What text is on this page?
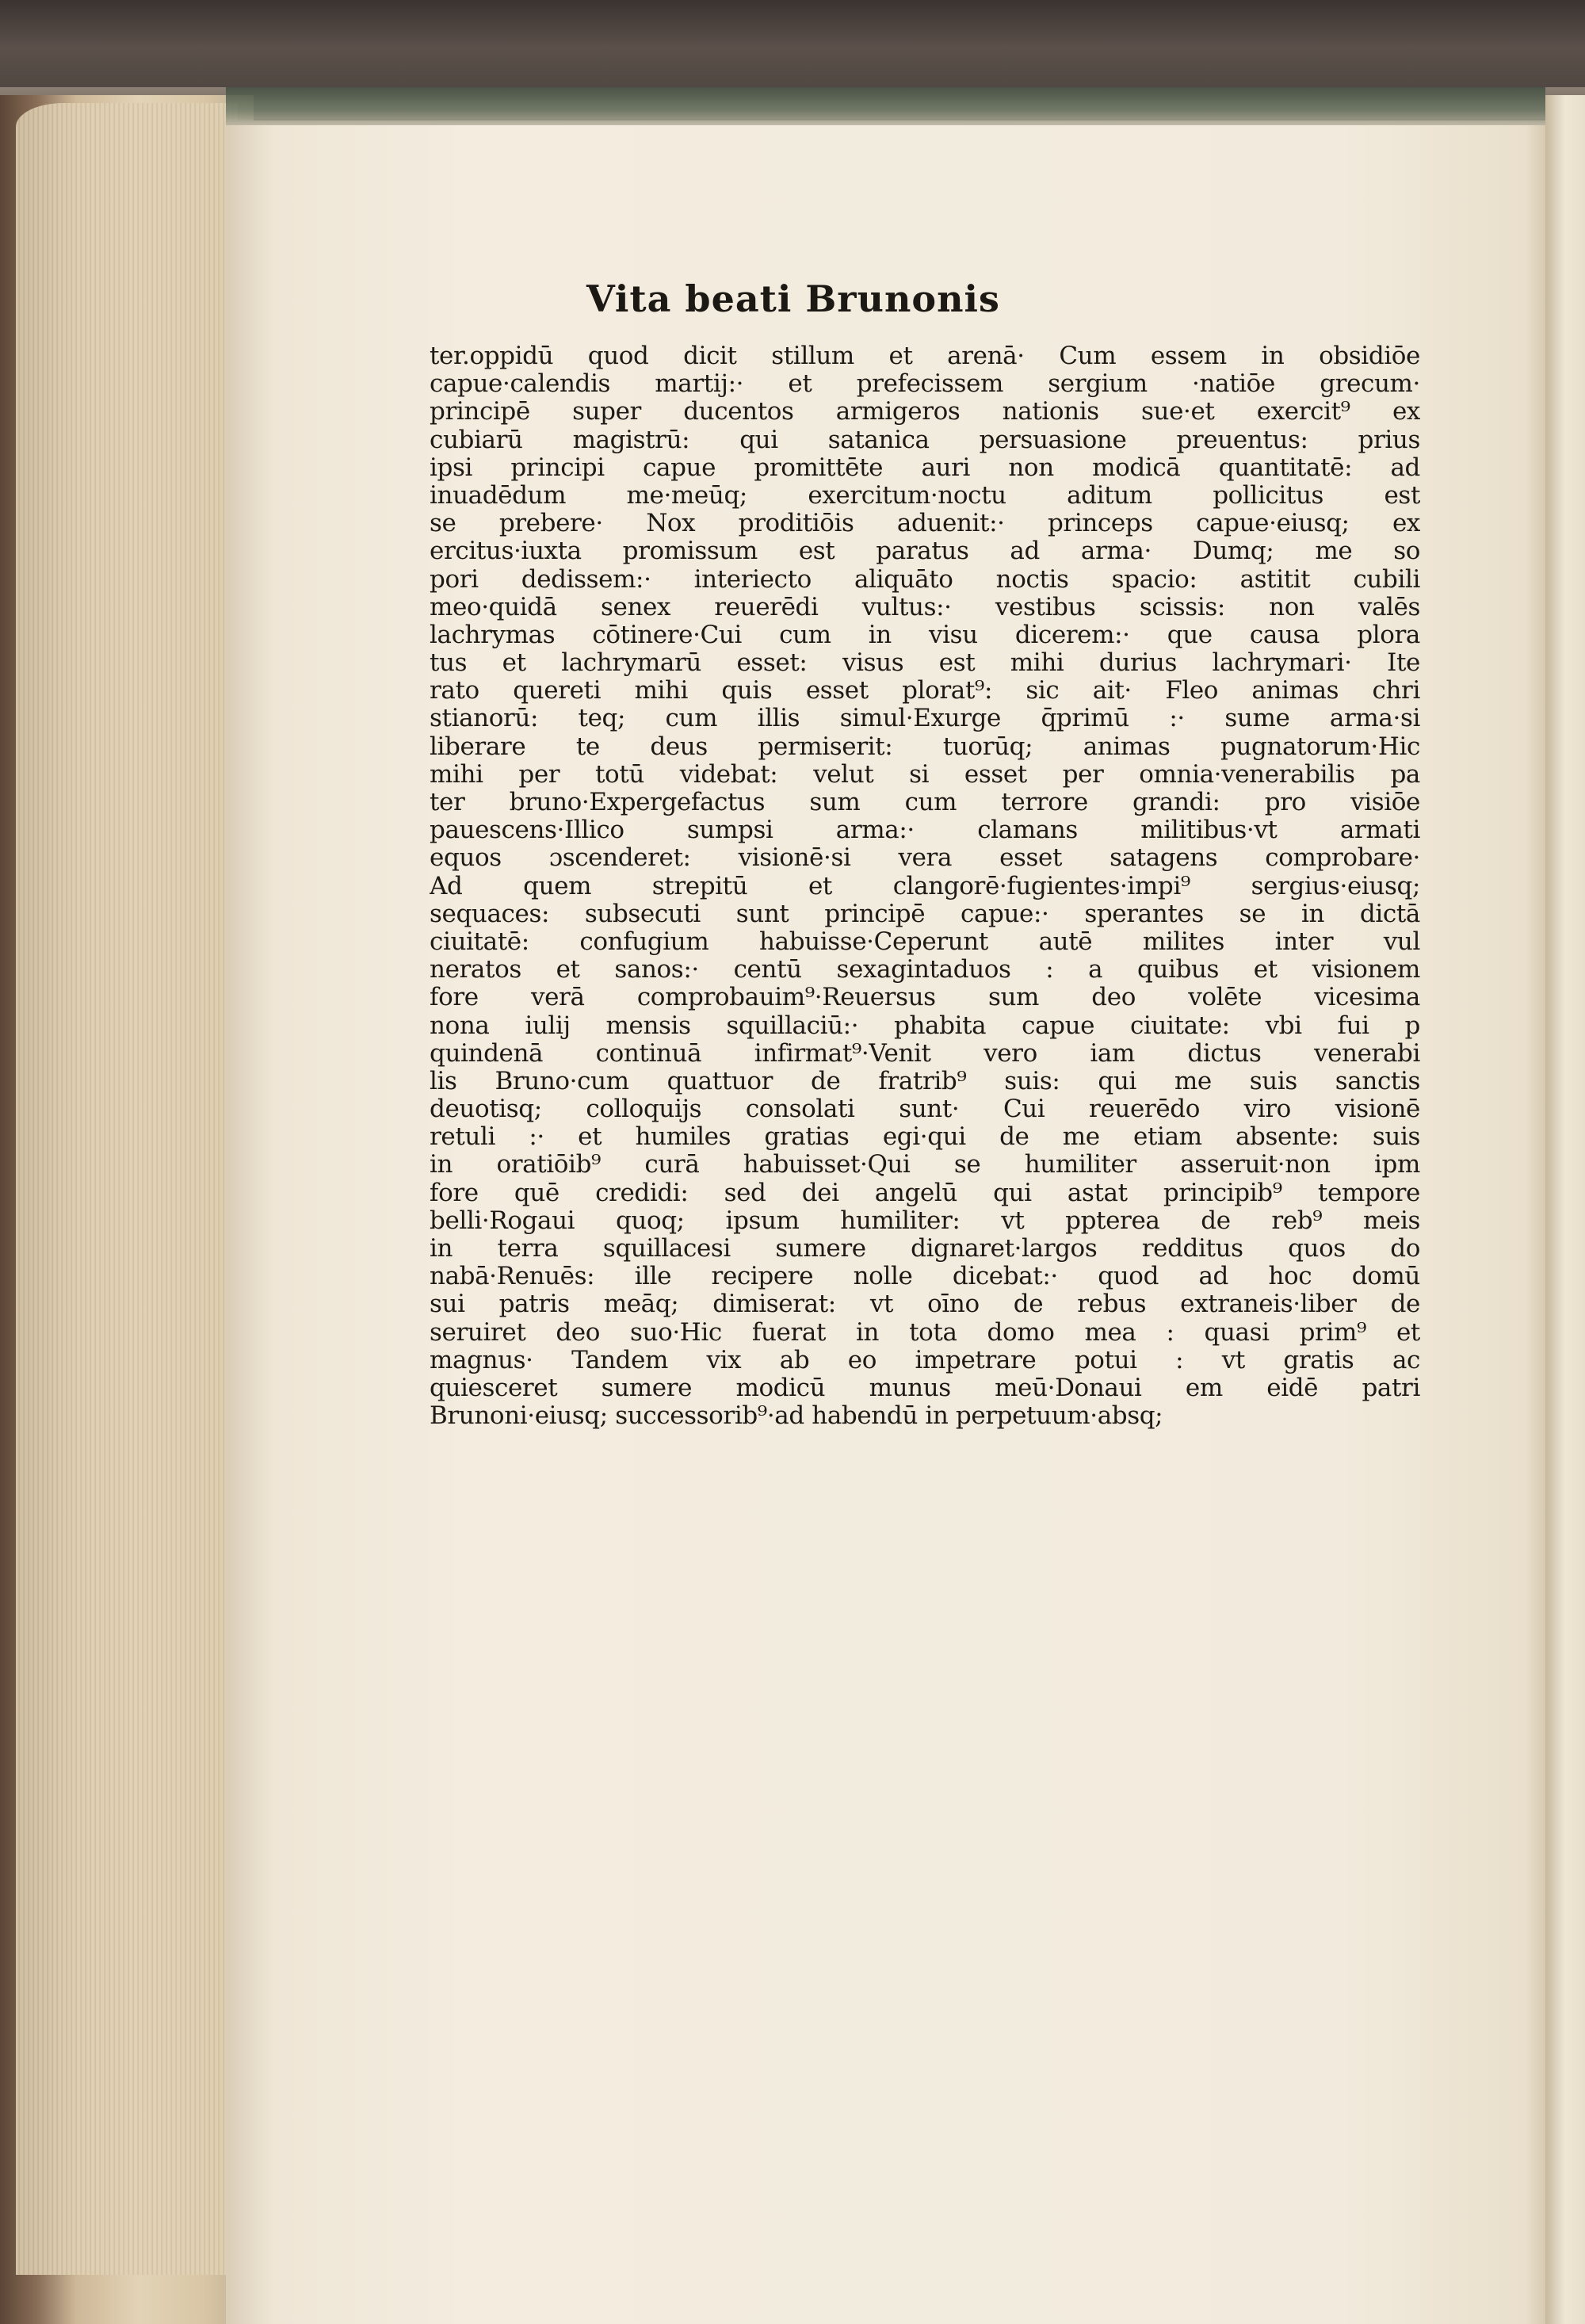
Vita beati Brunonis
ter.oppidū quod dicit stillum et arenā· Cum essem in obsidiōe
capue·calendis martij:· et prefecissem sergium ·natiōe grecum·
principē super ducentos armigeros nationis sue·et exercit⁹ ex
cubiarū magistrū: qui satanica persuasione preuentus: prius
ipsi principi capue promittēte auri non modicā quantitatē: ad
inuadēdum me·meūq; exercitum·noctu aditum pollicitus est
se prebere· Nox proditiōis aduenit:· princeps capue·eiusq; ex
ercitus·iuxta promissum est paratus ad arma· Dumq; me so
pori dedissem:· interiecto aliquāto noctis spacio: astitit cubili
meo·quidā senex reuerēdi vultus:· vestibus scissis: non valēs
lachrymas cōtinere·Cui cum in visu dicerem:· que causa plora
tus et lachrymarū esset: visus est mihi durius lachrymari· Ite
rato quereti mihi quis esset plorat⁹: sic ait· Fleo animas chri
stianorū: teq; cum illis simul·Exurge q̄primū :· sume arma·si
liberare te deus permiserit: tuorūq; animas pugnatorum·Hic
mihi per totū videbat: velut si esset per omnia·venerabilis pa
ter bruno·Expergefactus sum cum terrore grandi: pro visiōe
pauescens·Illico sumpsi arma:· clamans militibus·vt armati
equos ɔscenderet: visionē·si vera esset satagens comprobare·
Ad quem strepitū et clangorē·fugientes·impi⁹ sergius·eiusq;
sequaces: subsecuti sunt principē capue:· sperantes se in dictā
ciuitatē: confugium habuisse·Ceperunt autē milites inter vul
neratos et sanos:· centū sexagintaduos : a quibus et visionem
fore verā comprobauim⁹·Reuersus sum deo volēte vicesima
nona iulij mensis squillaciū:· phabita capue ciuitate: vbi fui p
quindenā continuā infirmat⁹·Venit vero iam dictus venerabi
lis Bruno·cum quattuor de fratrib⁹ suis: qui me suis sanctis
deuotisq; colloquijs consolati sunt· Cui reuerēdo viro visionē
retuli :· et humiles gratias egi·qui de me etiam absente: suis
in oratiōib⁹ curā habuisset·Qui se humiliter asseruit·non ipm
fore quē credidi: sed dei angelū qui astat principib⁹ tempore
belli·Rogaui quoq; ipsum humiliter: vt ppterea de reb⁹ meis
in terra squillacesi sumere dignaret·largos redditus quos do
nabā·Renuēs: ille recipere nolle dicebat:· quod ad hoc domū
sui patris meāq; dimiserat: vt oīno de rebus extraneis·liber de
seruiret deo suo·Hic fuerat in tota domo mea : quasi prim⁹ et
magnus· Tandem vix ab eo impetrare potui : vt gratis ac
quiesceret sumere modicū munus meū·Donaui em eidē patri
Brunoni·eiusq; successorib⁹·ad habendū in perpetuum·absq;
